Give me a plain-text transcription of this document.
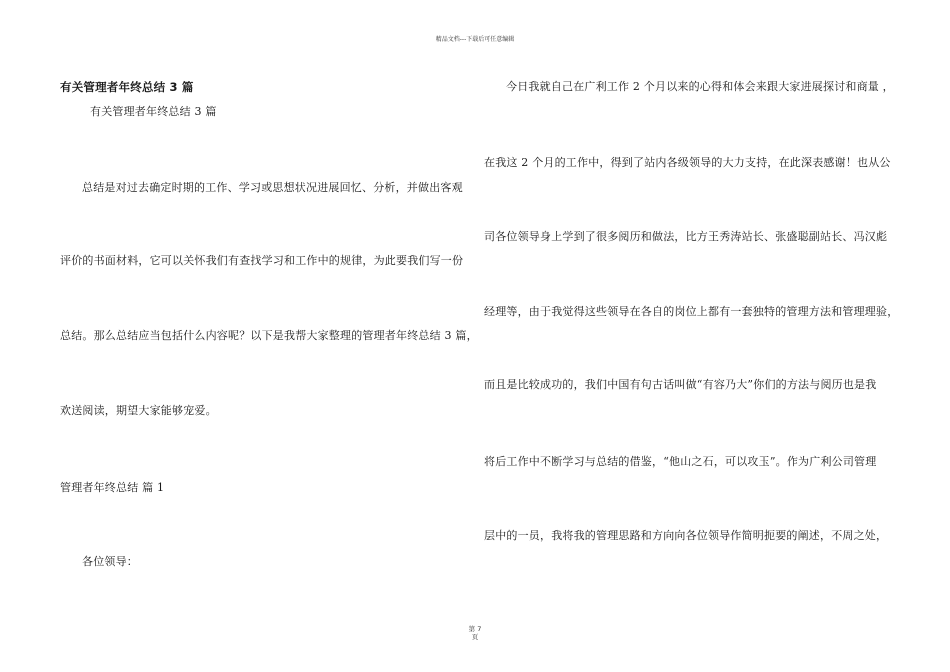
精品文档---下载后可任意编辑
有关管理者年终总结 3 篇
有关管理者年终总结 3 篇
总结是对过去确定时期的工作、学习或思想状况进展回忆、分析，并做出客观
评价的书面材料，它可以关怀我们有查找学习和工作中的规律，为此要我们写一份
总结。那么总结应当包括什么内容呢？以下是我帮大家整理的管理者年终总结 3 篇，
欢送阅读，期望大家能够宠爱。
管理者年终总结 篇 1
各位领导：
今日我就自己在广利工作 2 个月以来的心得和体会来跟大家进展探讨和商量 ，
在我这 2 个月的工作中，得到了站内各级领导的大力支持，在此深表感谢！也从公
司各位领导身上学到了很多阅历和做法，比方王秀涛站长、张盛聪副站长、冯汉彪
经理等，由于我觉得这些领导在各自的岗位上都有一套独特的管理方法和管理理验，
而且是比较成功的，我们中国有句古话叫做“有容乃大”你们的方法与阅历也是我
将后工作中不断学习与总结的借鉴，“他山之石，可以攻玉”。作为广利公司管理
层中的一员，我将我的管理思路和方向向各位领导作简明扼要的阐述，不周之处，
第 7
页
